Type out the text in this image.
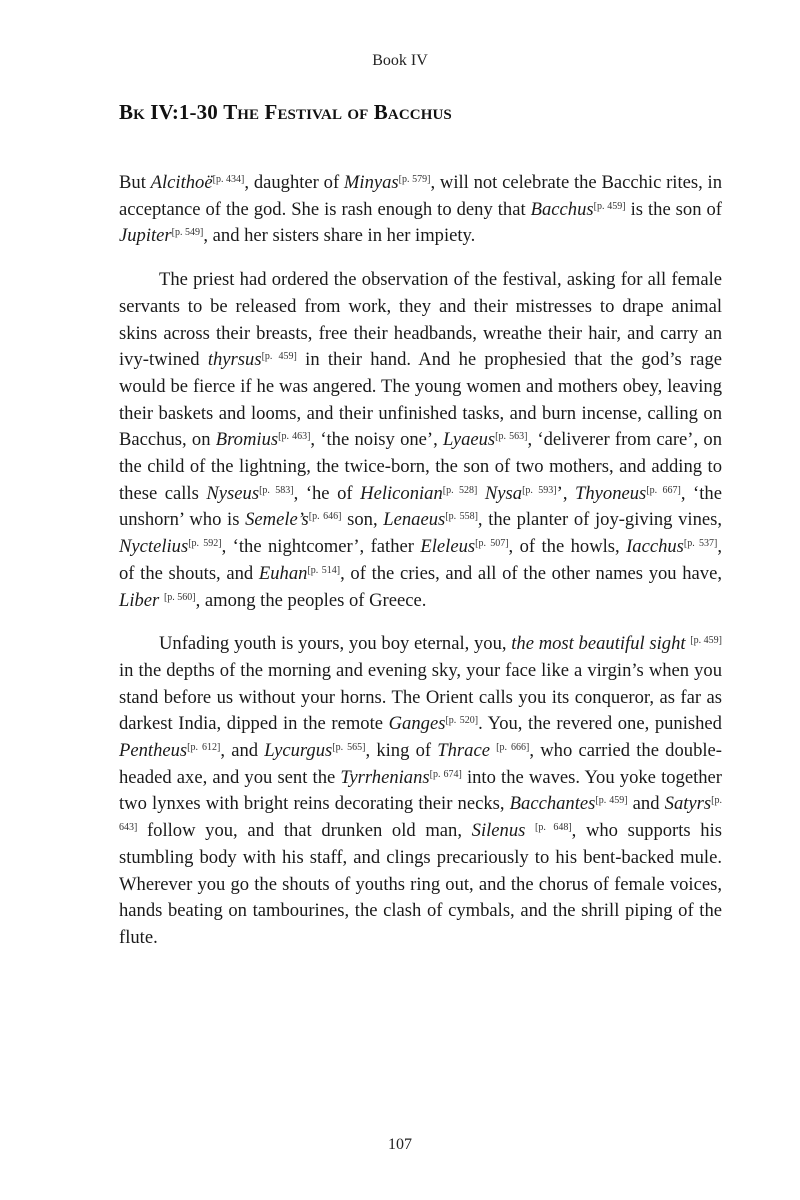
Book IV
Bk IV:1-30 The Festival of Bacchus

But Alcithoë[p. 434], daughter of Minyas[p. 579], will not celebrate the Bacchic rites, in acceptance of the god. She is rash enough to deny that Bacchus[p. 459] is the son of Jupiter[p. 549], and her sisters share in her impiety.

The priest had ordered the observation of the festival, asking for all female servants to be released from work, they and their mistresses to drape animal skins across their breasts, free their headbands, wreathe their hair, and carry an ivy-twined thyrsus[p. 459] in their hand. And he prophesied that the god’s rage would be fierce if he was angered. The young women and mothers obey, leaving their baskets and looms, and their unfinished tasks, and burn incense, calling on Bacchus, on Bromius[p. 463], ‘the noisy one’, Lyaeus[p. 563], ‘deliverer from care’, on the child of the lightning, the twice-born, the son of two mothers, and adding to these calls Nyseus[p. 583], ‘he of Heliconian[p. 528] Nysa[p. 593]’, Thyoneus[p. 667], ‘the unshorn’ who is Semele’s[p. 646] son, Lenaeus[p. 558], the planter of joy-giving vines, Nyctelius[p. 592], ‘the nightcomer’, father Eleleus[p. 507], of the howls, Iacchus[p. 537], of the shouts, and Euhan[p. 514], of the cries, and all of the other names you have, Liber [p. 560], among the peoples of Greece.

Unfading youth is yours, you boy eternal, you, the most beautiful sight [p. 459] in the depths of the morning and evening sky, your face like a virgin’s when you stand before us without your horns. The Orient calls you its conqueror, as far as darkest India, dipped in the remote Ganges[p. 520]. You, the revered one, punished Pentheus[p. 612], and Lycurgus[p. 565], king of Thrace [p. 666], who carried the double-headed axe, and you sent the Tyrrhenians[p. 674] into the waves. You yoke together two lynxes with bright reins decorating their necks, Bacchantes[p. 459] and Satyrs[p. 643] follow you, and that drunken old man, Silenus [p. 648], who supports his stumbling body with his staff, and clings precariously to his bent-backed mule. Wherever you go the shouts of youths ring out, and the chorus of female voices, hands beating on tambourines, the clash of cymbals, and the shrill piping of the flute.

107
